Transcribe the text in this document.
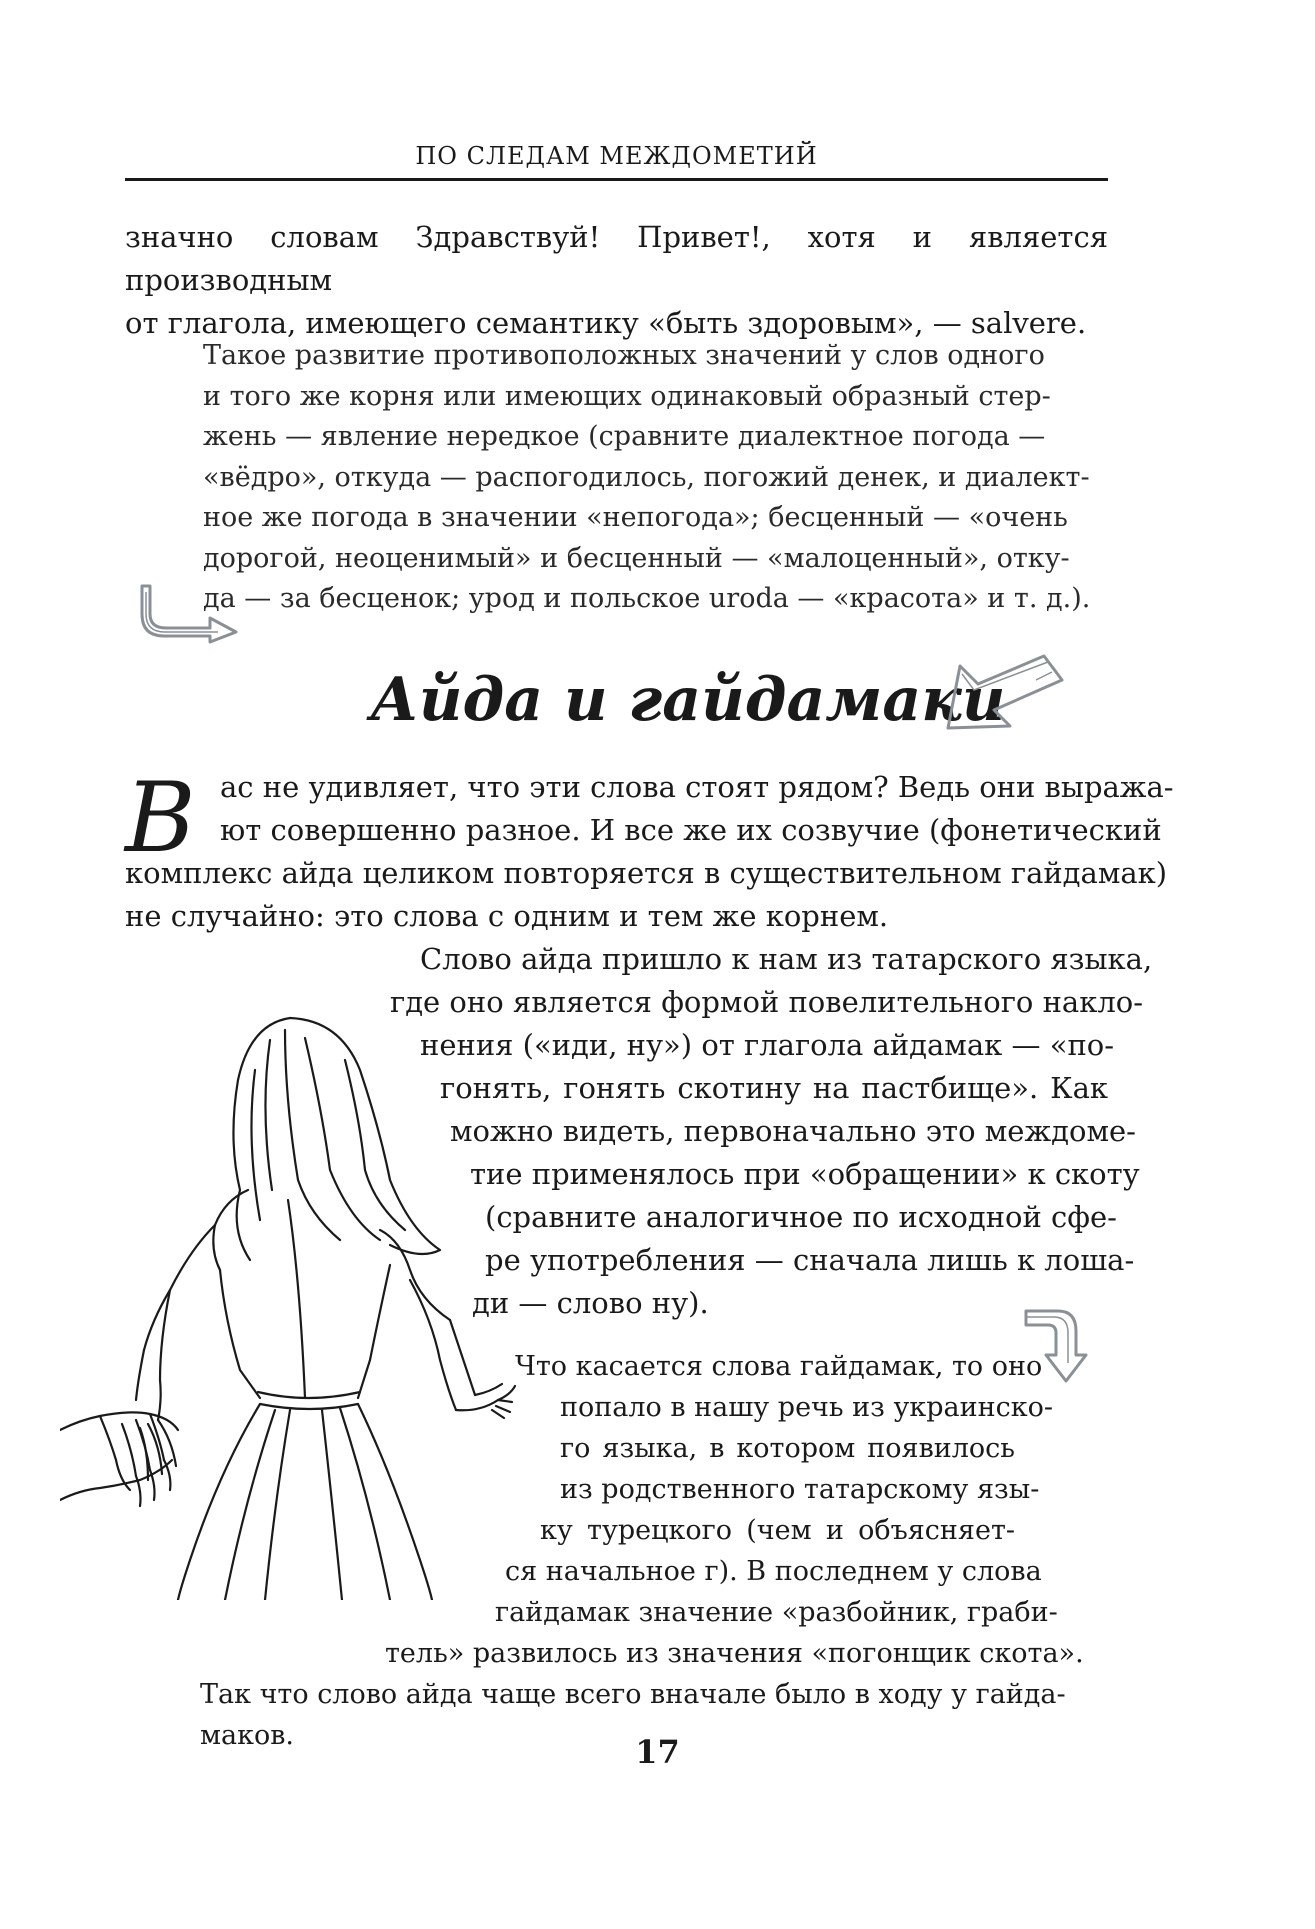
ПО СЛЕДАМ МЕЖДОМЕТИЙ

значно словам Здравствуй! Привет!, хотя и является производным
от глагола, имеющего семантику «быть здоровым», — salvere.

Такое развитие противоположных значений у слов одного
и того же корня или имеющих одинаковый образный стер-
жень — явление нередкое (сравните диалектное погода —
«вёдро», откуда — распогодилось, погожий денек, и диалект-
ное же погода в значении «непогода»; бесценный — «очень
дорогой, неоценимый» и бесценный — «малоценный», отку-
да — за бесценок; урод и польское uroda — «красота» и т. д.).
Айда и гайдамаки
В ас не удивляет, что эти слова стоят рядом? Ведь они выража-
ют совершенно разное. И все же их созвучие (фонетический
комплекс айда целиком повторяется в существительном гайдамак)
не случайно: это слова с одним и тем же корнем.
Слово айда пришло к нам из татарского языка,
где оно является формой повелительного накло-
нения («иди, ну») от глагола айдамак — «по-
гонять, гонять скотину на пастбище». Как
можно видеть, первоначально это междоме-
тие применялось при «обращении» к скоту
(сравните аналогичное по исходной сфе-
ре употребления — сначала лишь к лоша-
ди — слово ну).
Что касается слова гайдамак, то оно
попало в нашу речь из украинско-
го языка, в котором появилось
из родственного татарскому язы-
ку турецкого (чем и объясняет-
ся начальное г). В последнем у слова
гайдамак значение «разбойник, граби-
тель» развилось из значения «погонщик скота».
Так что слово айда чаще всего вначале было в ходу у гайда-
маков.	17
